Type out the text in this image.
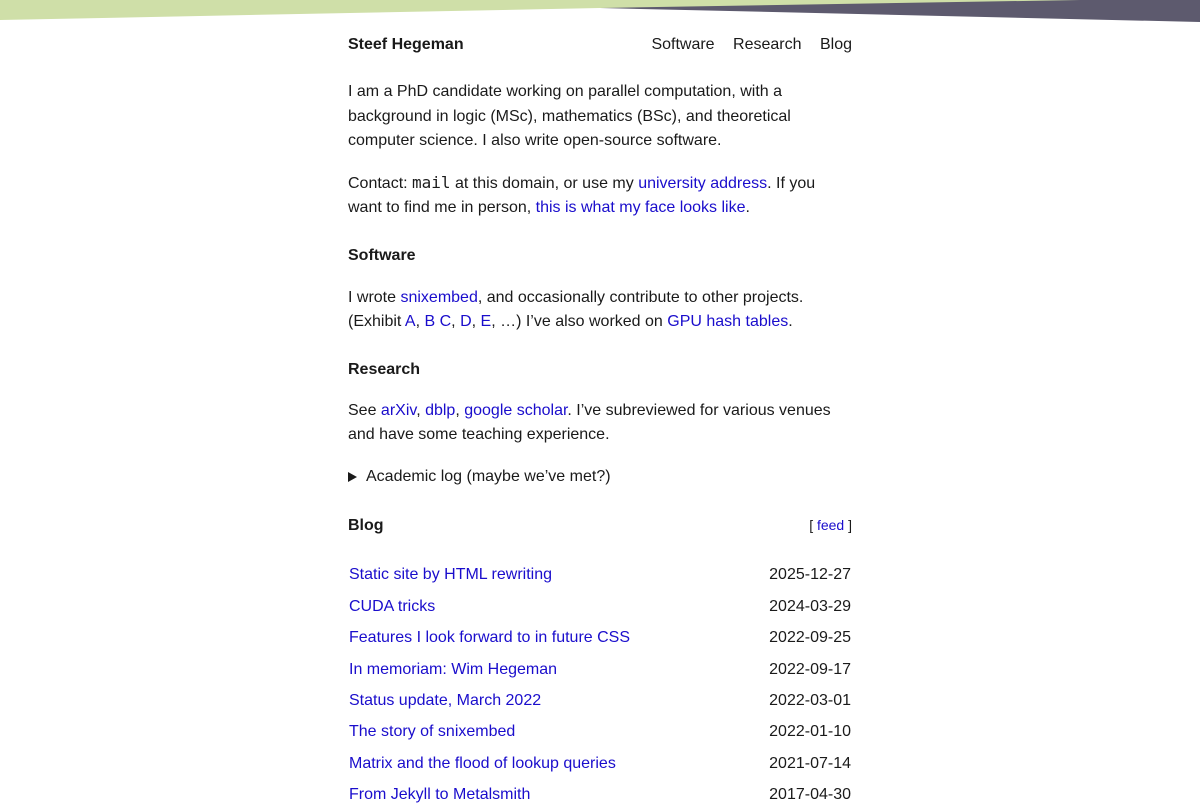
Steef Hegeman	Software Research Blog

I am a PhD candidate working on parallel computation, with a background in logic (MSc), mathematics (BSc), and theoretical computer science. I also write open-source software.

Contact: mail at this domain, or use my university address. If you want to find me in person, this is what my face looks like.

Software

I wrote snixembed, and occasionally contribute to other projects. (Exhibit A, B C, D, E, …) I’ve also worked on GPU hash tables.

Research

See arXiv, dblp, google scholar. I’ve subreviewed for various venues and have some teaching experience.

Academic log (maybe we’ve met?)
Blog	[ feed ]
Static site by HTML rewriting	2025-12-27
CUDA tricks	2024-03-29
Features I look forward to in future CSS	2022-09-25
In memoriam: Wim Hegeman	2022-09-17
Status update, March 2022	2022-03-01
The story of snixembed	2022-01-10
Matrix and the flood of lookup queries	2021-07-14
From Jekyll to Metalsmith	2017-04-30
